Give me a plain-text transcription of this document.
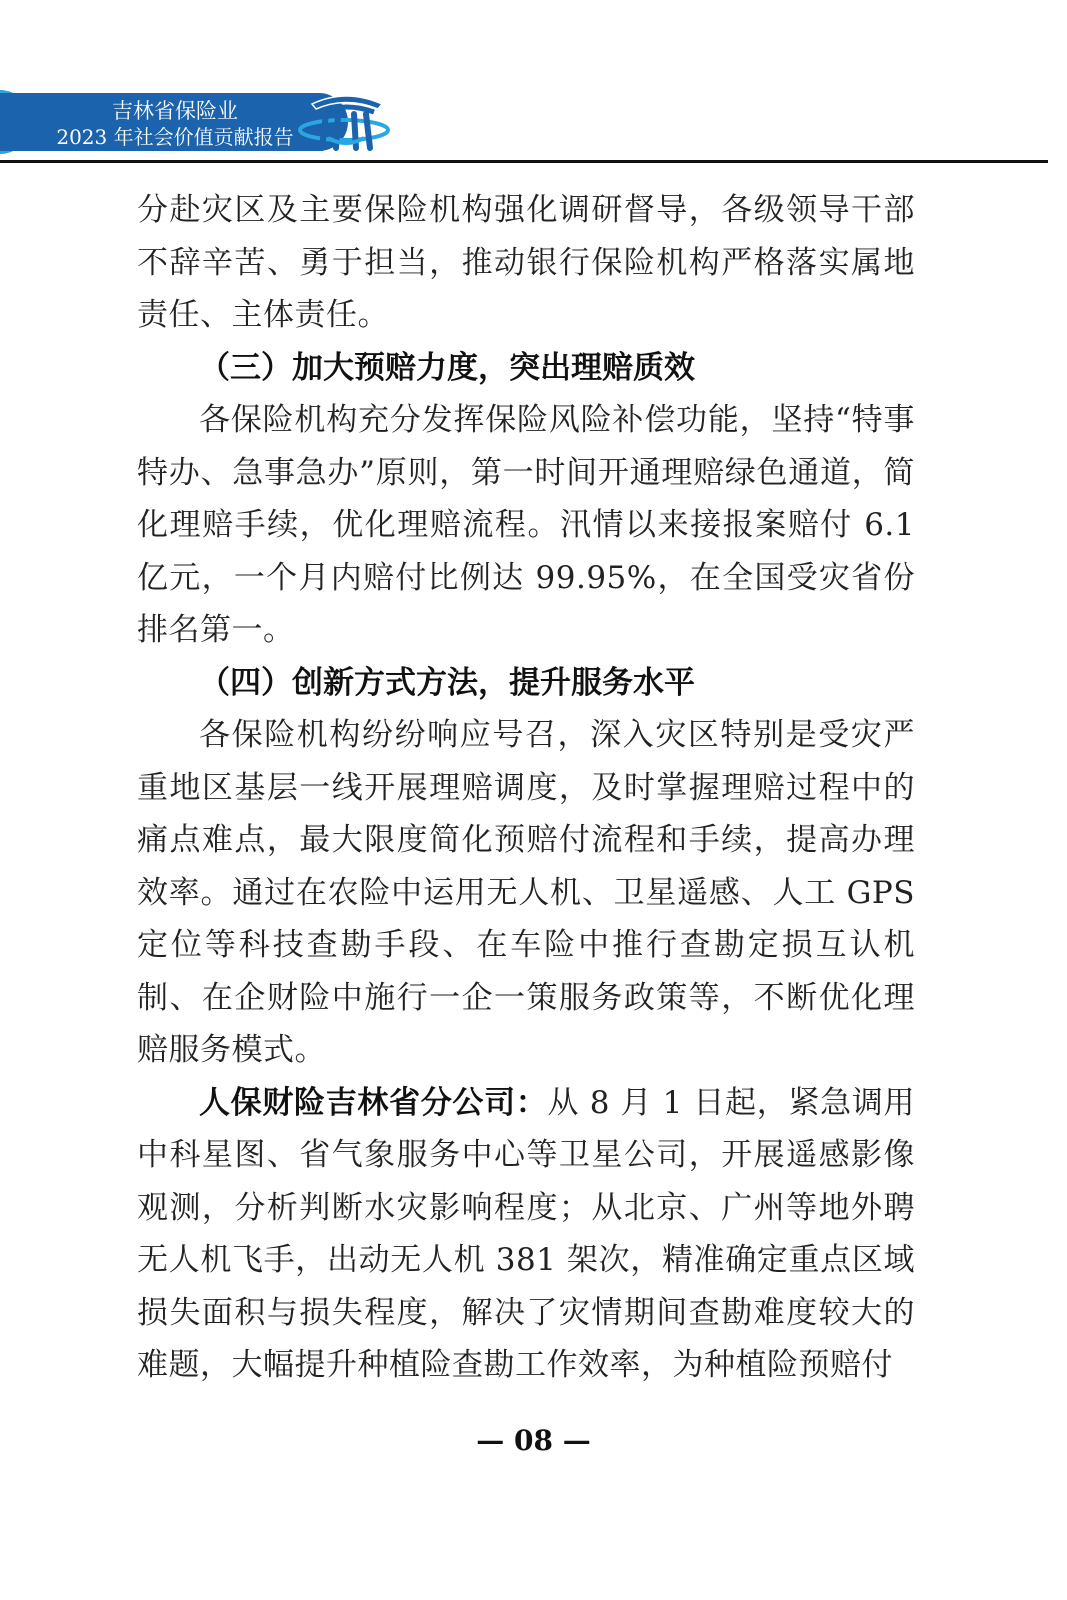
吉林省保险业
2023 年社会价值贡献报告

分赴灾区及主要保险机构强化调研督导，各级领导干部不辞辛苦、勇于担当，推动银行保险机构严格落实属地责任、主体责任。

（三）加大预赔力度，突出理赔质效

各保险机构充分发挥保险风险补偿功能，坚持“特事特办、急事急办”原则，第一时间开通理赔绿色通道，简化理赔手续，优化理赔流程。汛情以来接报案赔付 6.1 亿元，一个月内赔付比例达 99.95%，在全国受灾省份排名第一。

（四）创新方式方法，提升服务水平

各保险机构纷纷响应号召，深入灾区特别是受灾严重地区基层一线开展理赔调度，及时掌握理赔过程中的痛点难点，最大限度简化预赔付流程和手续，提高办理效率。通过在农险中运用无人机、卫星遥感、人工 GPS 定位等科技查勘手段、在车险中推行查勘定损互认机制、在企财险中施行一企一策服务政策等，不断优化理赔服务模式。

人保财险吉林省分公司：从 8 月 1 日起，紧急调用中科星图、省气象服务中心等卫星公司，开展遥感影像观测，分析判断水灾影响程度；从北京、广州等地外聘无人机飞手，出动无人机 381 架次，精准确定重点区域损失面积与损失程度，解决了灾情期间查勘难度较大的难题，大幅提升种植险查勘工作效率，为种植险预赔付

— 08 —
